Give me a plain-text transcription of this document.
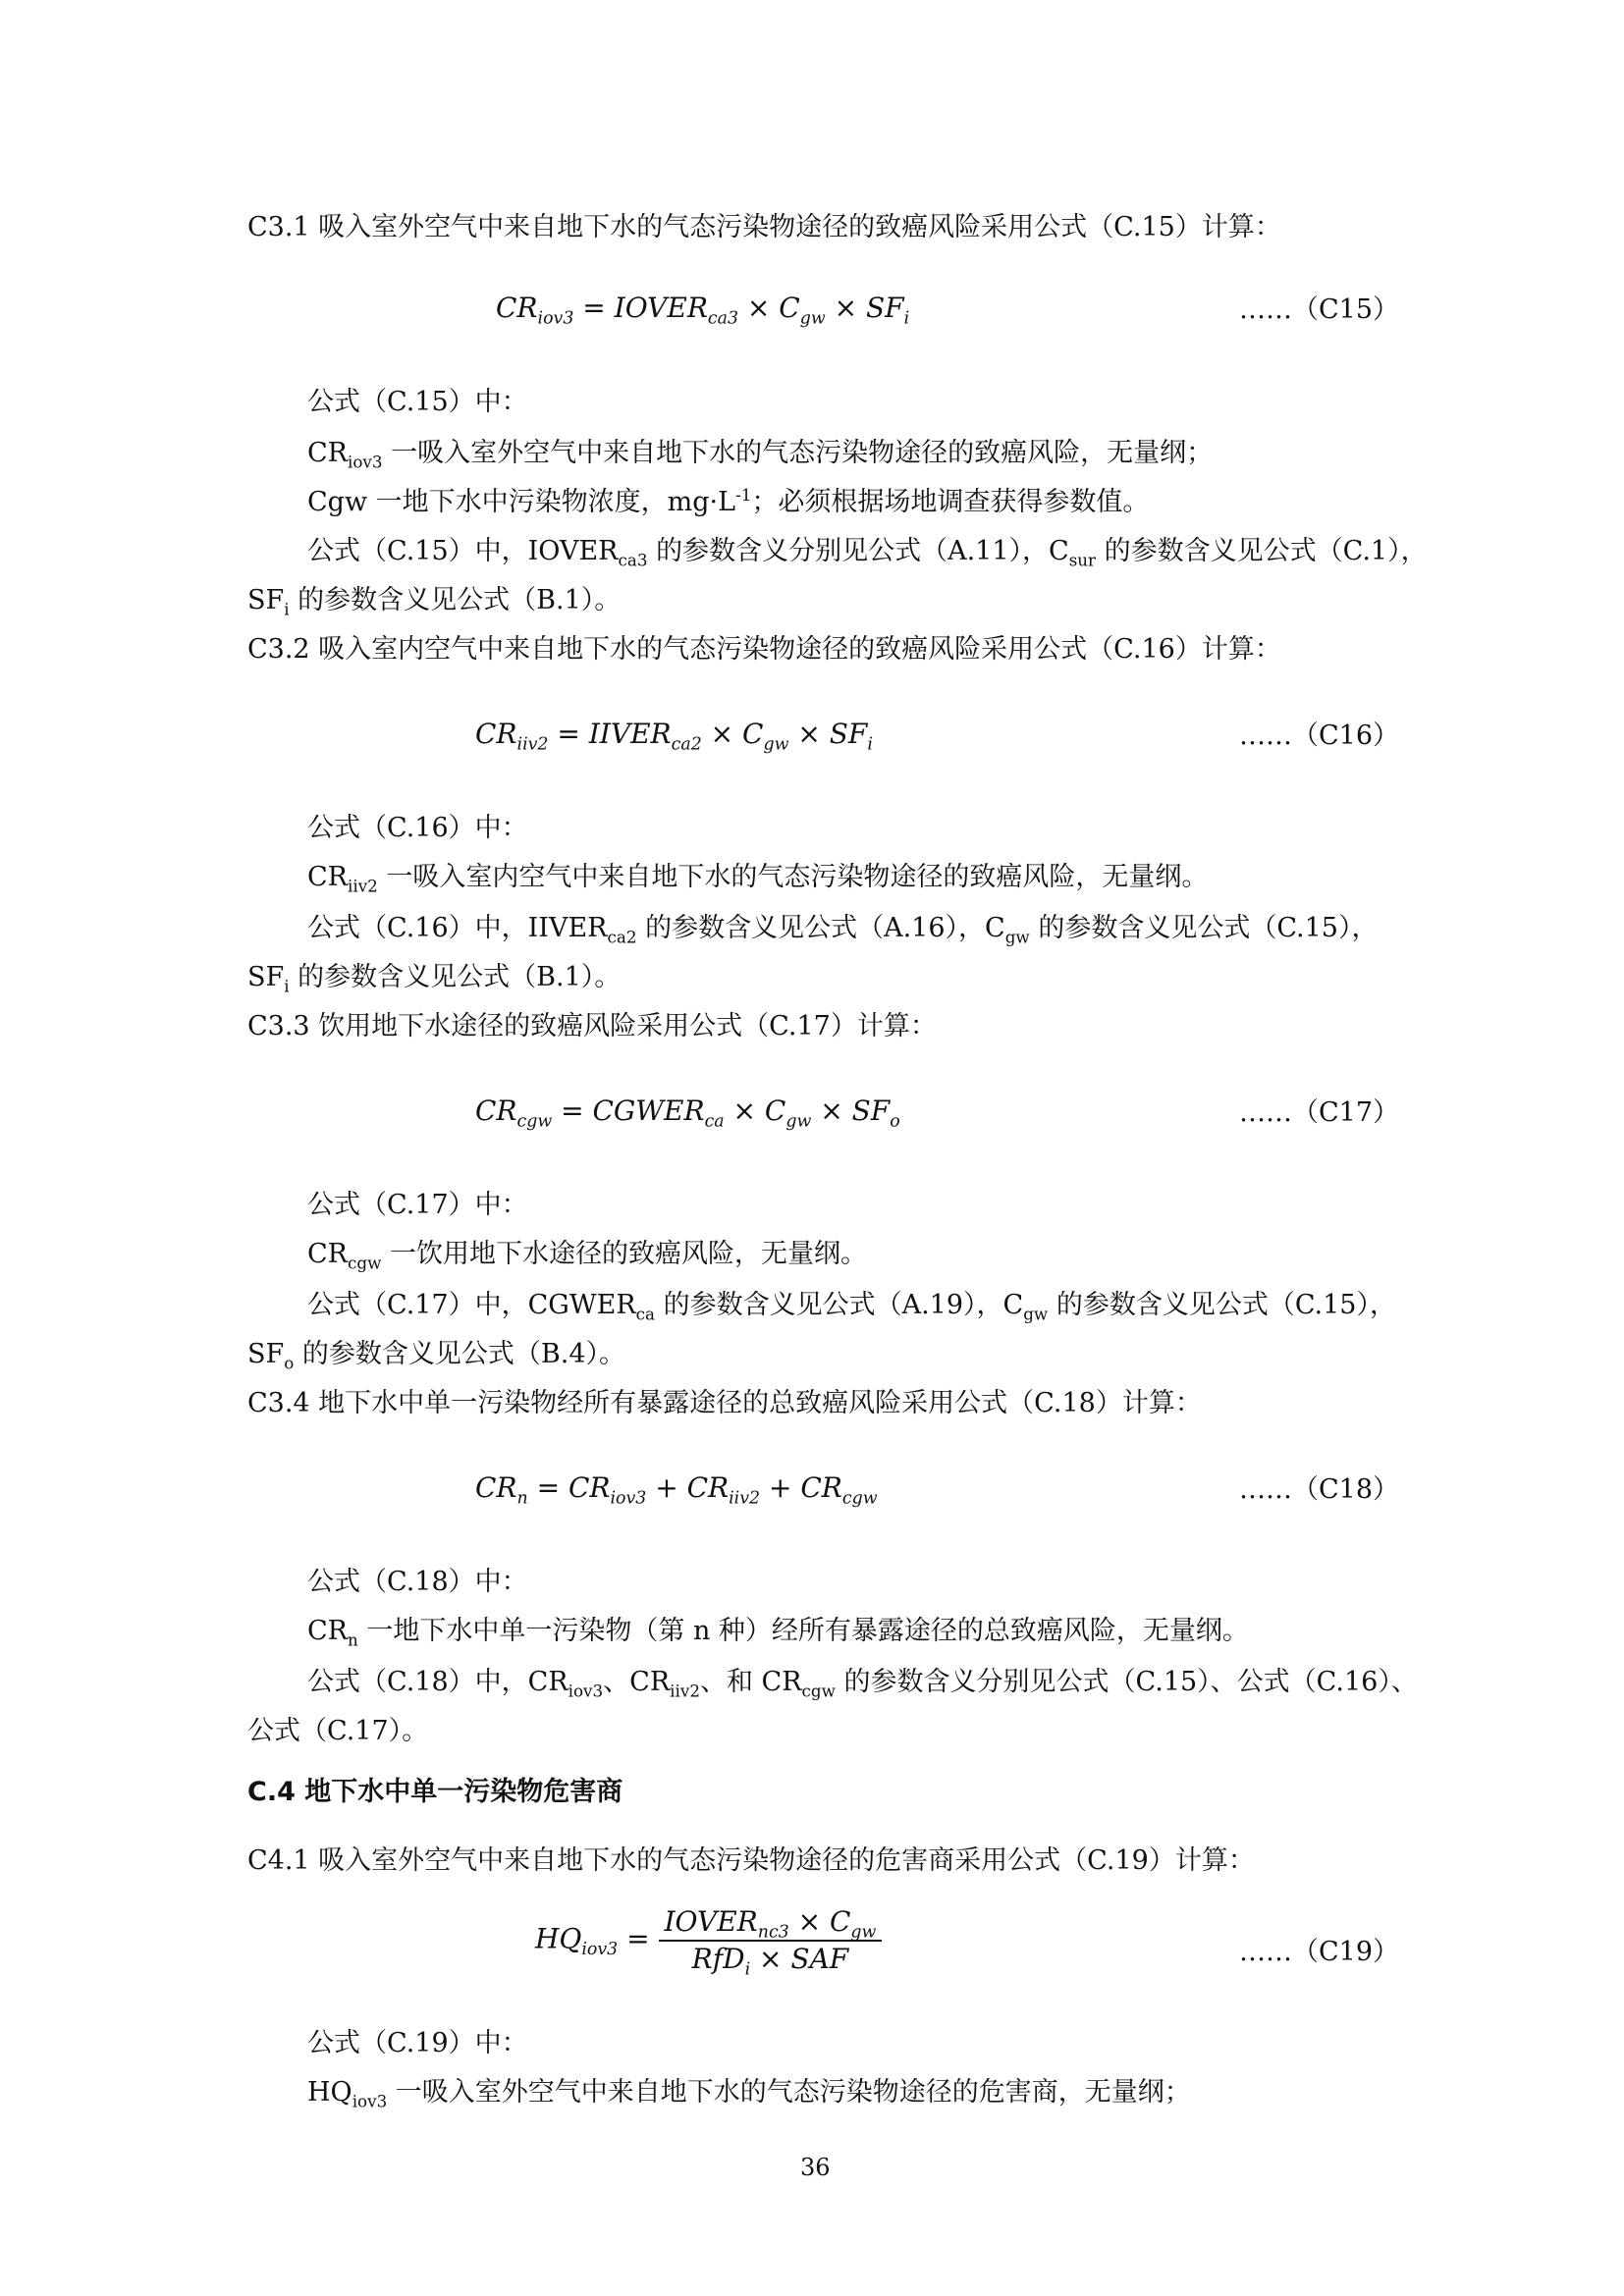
C3.1 吸入室外空气中来自地下水的气态污染物途径的致癌风险采用公式（C.15）计算：
$CR_{iov3}$ = $IOVER_{ca3} \times C_{gw} \times SF_i$	……（C15）
公式（C.15）中：
$CR_{iov3}$ 一吸入室外空气中来自地下水的气态污染物途径的致癌风险，无量纲；
Cgw 一地下水中污染物浓度，$mg\cdot L^{-1}$；必须根据场地调查获得参数值。
公式（C.15）中，$IOVER_{ca3}$ 的参数含义分别见公式（A.11），$C_{sur}$ 的参数含义见公式（C.1），
$SF_i$ 的参数含义见公式（B.1）。
C3.2 吸入室内空气中来自地下水的气态污染物途径的致癌风险采用公式（C.16）计算：
$CR_{iiv2}$ = $IIVER_{ca2} \times C_{gw} \times SF_i$	……（C16）
公式（C.16）中：
$CR_{iiv2}$ 一吸入室内空气中来自地下水的气态污染物途径的致癌风险，无量纲。
公式（C.16）中，$IIVER_{ca2}$ 的参数含义见公式（A.16），$C_{gw}$ 的参数含义见公式（C.15），
$SF_i$ 的参数含义见公式（B.1）。
C3.3 饮用地下水途径的致癌风险采用公式（C.17）计算：
$CR_{cgw}$ = $CGWER_{ca} \times C_{gw} \times SF_o$	……（C17）
公式（C.17）中：
$CR_{cgw}$ 一饮用地下水途径的致癌风险，无量纲。
公式（C.17）中，$CGWER_{ca}$ 的参数含义见公式（A.19），$C_{gw}$ 的参数含义见公式（C.15），
$SF_o$ 的参数含义见公式（B.4）。
C3.4 地下水中单一污染物经所有暴露途径的总致癌风险采用公式（C.18）计算：
$CR_n = CR_{iov3} + CR_{iiv2} + CR_{cgw}$	……（C18）
公式（C.18）中：
$CR_n$ 一地下水中单一污染物（第 n 种）经所有暴露途径的总致癌风险，无量纲。
公式（C.18）中，$CR_{iov3}$、$CR_{iiv2}$、和 $CR_{cgw}$ 的参数含义分别见公式（C.15）、公式（C.16）、
公式（C.17）。
C.4 地下水中单一污染物危害商
C4.1 吸入室外空气中来自地下水的气态污染物途径的危害商采用公式（C.19）计算：
$HQ_{iov3} = \frac{IOVER_{nc3} \times C_{gw}}{RfD_i \times SAF}$	……（C19）
公式（C.19）中：
$HQ_{iov3}$ 一吸入室外空气中来自地下水的气态污染物途径的危害商，无量纲；
36
